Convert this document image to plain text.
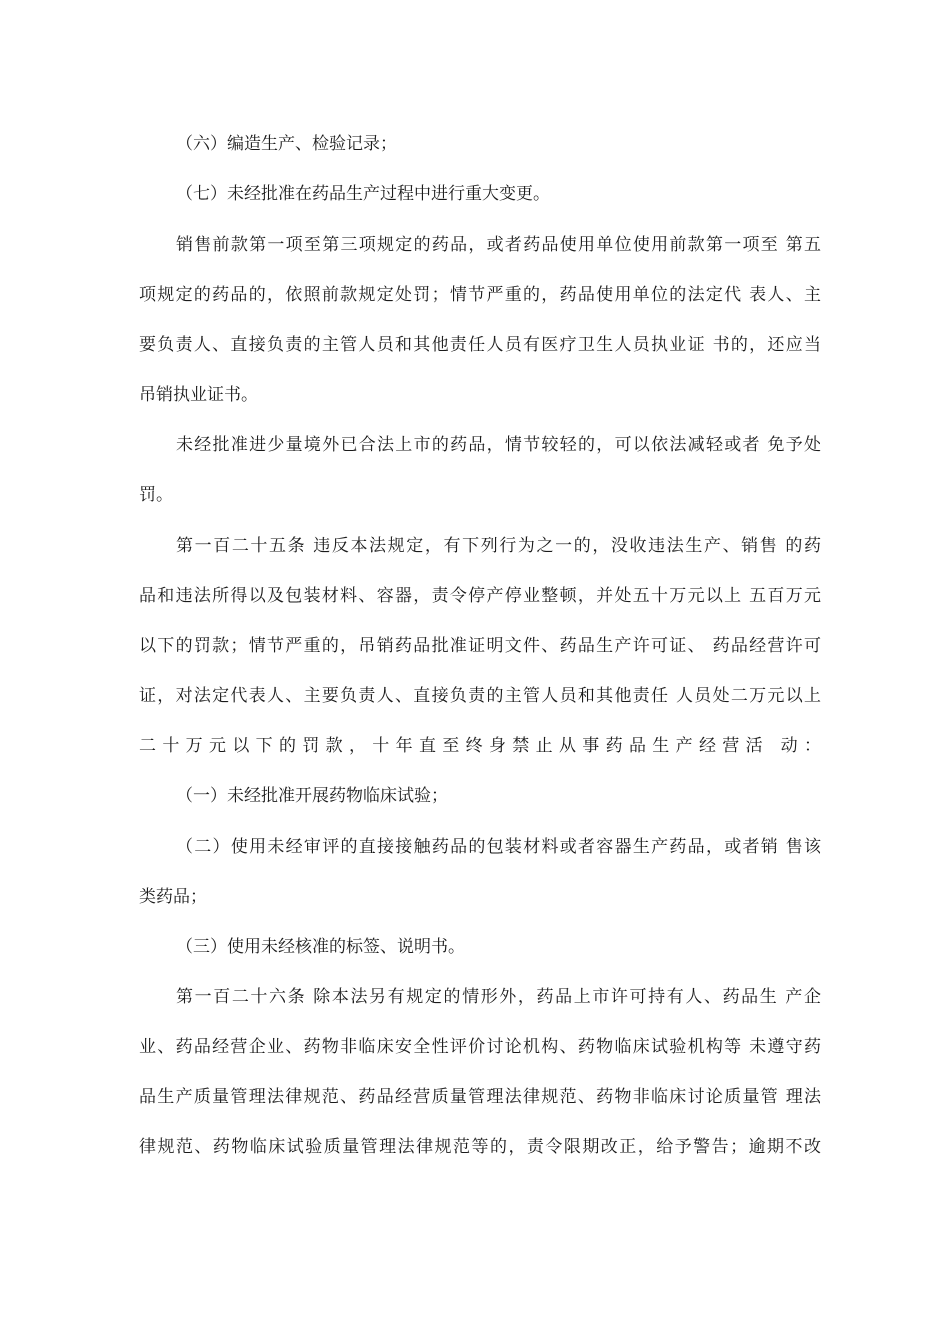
（六）编造生产、检验记录；
（七）未经批准在药品生产过程中进行重大变更。
销售前款第一项至第三项规定的药品，或者药品使用单位使用前款第一项至 第五
项规定的药品的，依照前款规定处罚；情节严重的，药品使用单位的法定代 表人、主
要负责人、直接负责的主管人员和其他责任人员有医疗卫生人员执业证 书的，还应当
吊销执业证书。
未经批准进少量境外已合法上市的药品，情节较轻的，可以依法减轻或者 免予处
罚。
第一百二十五条 违反本法规定，有下列行为之一的，没收违法生产、销售 的药
品和违法所得以及包装材料、容器，责令停产停业整顿，并处五十万元以上 五百万元
以下的罚款；情节严重的，吊销药品批准证明文件、药品生产许可证、 药品经营许可
证，对法定代表人、主要负责人、直接负责的主管人员和其他责任 人员处二万元以上
二十万元以下的罚款，十年直至终身禁止从事药品生产经营活 动：
（一）未经批准开展药物临床试验；
（二）使用未经审评的直接接触药品的包装材料或者容器生产药品，或者销 售该
类药品；
（三）使用未经核准的标签、说明书。
第一百二十六条 除本法另有规定的情形外，药品上市许可持有人、药品生 产企
业、药品经营企业、药物非临床安全性评价讨论机构、药物临床试验机构等 未遵守药
品生产质量管理法律规范、药品经营质量管理法律规范、药物非临床讨论质量管 理法
律规范、药物临床试验质量管理法律规范等的，责令限期改正，给予警告；逾期不改
